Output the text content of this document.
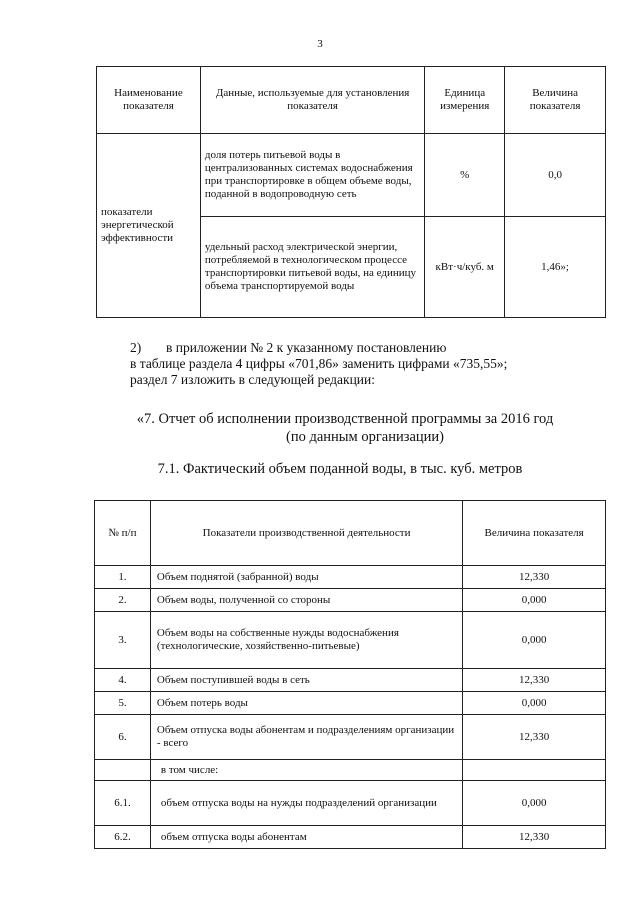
3
Наименование показателя	Данные, используемые для установления показателя	Единица измерения	Величина показателя
показатели энергетической эффективности	доля потерь питьевой воды в централизованных системах водоснабжения при транспортировке в общем объеме воды, поданной в водопроводную сеть	%	0,0
	удельный расход электрической энергии, потребляемой в технологическом процессе транспортировки питьевой воды, на единицу объема транспортируемой воды	кВт·ч/куб. м	1,46»;
2) в приложении № 2 к указанному постановлению
в таблице раздела 4 цифры «701,86» заменить цифрами «735,55»;
раздел 7 изложить в следующей редакции:
«7. Отчет об исполнении производственной программы за 2016 год
(по данным организации)
7.1. Фактический объем поданной воды, в тыс. куб. метров
№ п/п	Показатели производственной деятельности	Величина показателя
1.	Объем поднятой (забранной) воды	12,330
2.	Объем воды, полученной со стороны	0,000
3.	Объем воды на собственные нужды водоснабжения (технологические, хозяйственно-питьевые)	0,000
4.	Объем поступившей воды в сеть	12,330
5.	Объем потерь воды	0,000
6.	Объем отпуска воды абонентам и подразделениям организации - всего	12,330
	в том числе:	
6.1.	объем отпуска воды на нужды подразделений организации	0,000
6.2.	объем отпуска воды абонентам	12,330
